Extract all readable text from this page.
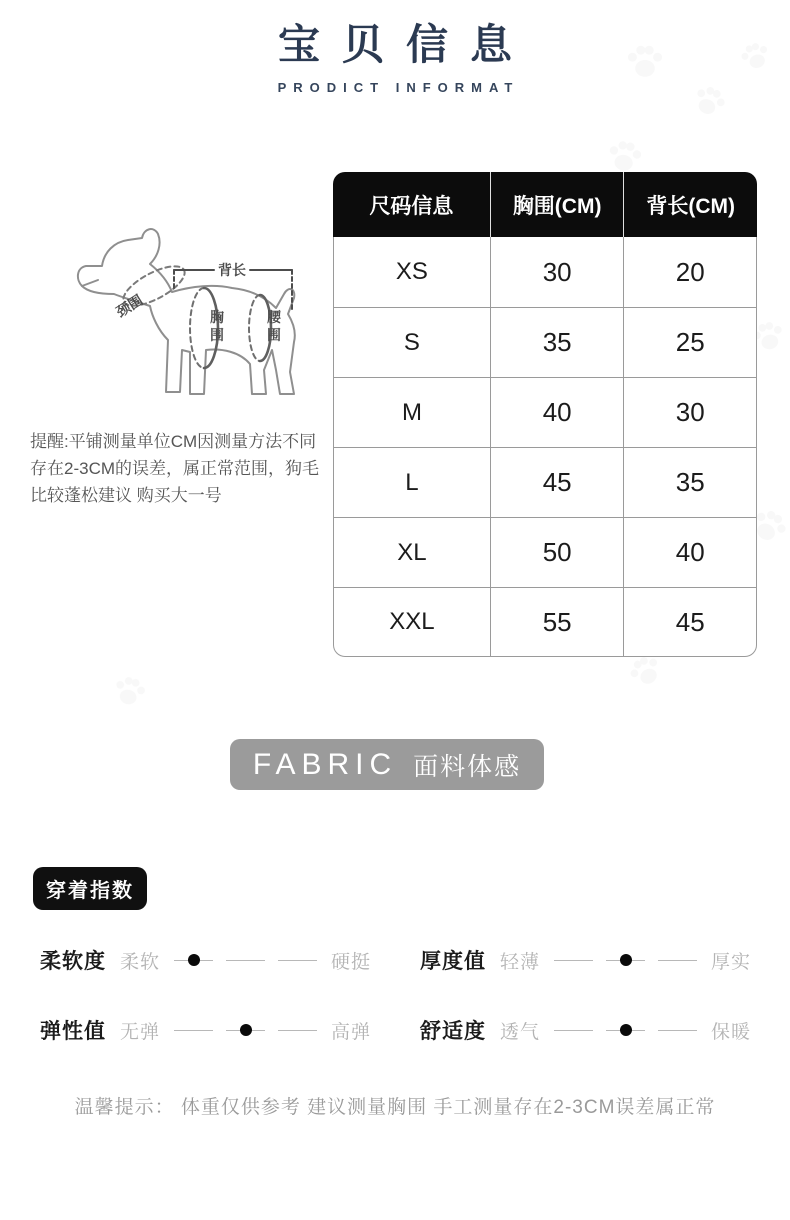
宝贝信息
PRODICT INFORMAT
背长
颈围	胸
围
腰
围
提醒:平铺测量单位CM因测量方法不同存在2-3CM的误差，属正常范围，狗毛比较蓬松建议 购买大一号
尺码信息	胸围(CM)	背长(CM)
XS	30	20
S	35	25
M	40	30
L	45	35
XL	50	40
XXL	55	45
FABRIC 面料体感
穿着指数
柔软度 柔软	硬挺 厚度值 轻薄	厚实
弹性值 无弹	高弹 舒适度 透气	保暖
温馨提示： 体重仅供参考 建议测量胸围 手工测量存在2-3CM误差属正常
